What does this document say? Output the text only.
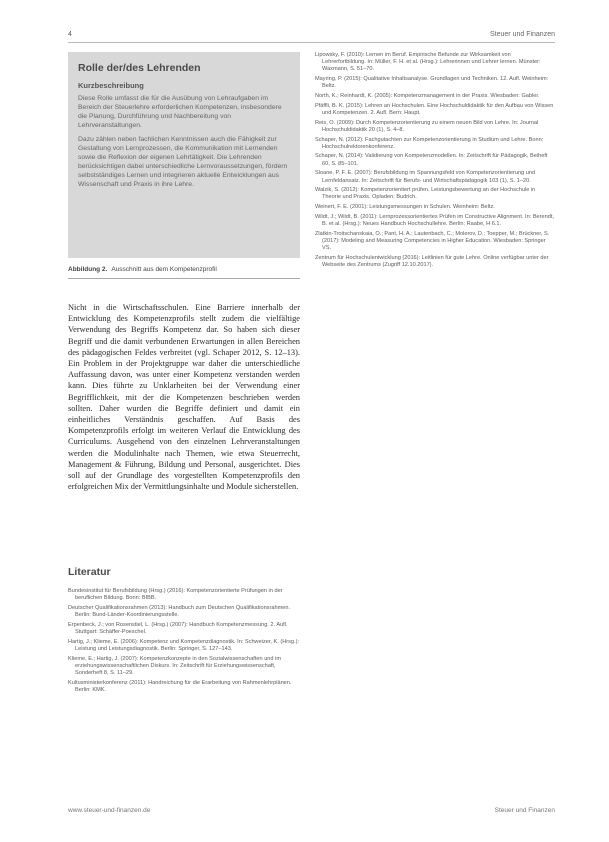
4	Steuer und Finanzen
Rolle der/des Lehrenden
Kurzbeschreibung

Diese Rolle umfasst die für die Ausübung von Lehraufgaben im Bereich der Steuerlehre erforderlichen Kompetenzen, insbesondere die Planung, Durchführung und Nachbereitung von Lehrveranstaltungen.

Dazu zählen neben fachlichen Kenntnissen auch die Fähigkeit zur Gestaltung von Lernprozessen, die Kommunikation mit Lernenden sowie die Reflexion der eigenen Lehrtätigkeit. Die Lehrenden berücksichtigen dabei unterschiedliche Lernvoraussetzungen, fördern selbstständiges Lernen und integrieren aktuelle Entwicklungen aus Wissenschaft und Praxis in ihre Lehre.

Abbildung 2. Ausschnitt aus dem Kompetenzprofil

Nicht in die Wirtschaftsschulen. Eine Barriere innerhalb der Entwicklung des Kompetenzprofils stellt zudem die vielfältige Verwendung des Begriffs Kompetenz dar. So haben sich dieser Begriff und die damit verbundenen Erwartungen in allen Bereichen des pädagogischen Feldes verbreitet (vgl. Schaper 2012, S. 12–13). Ein Problem in der Projektgruppe war daher die unterschiedliche Auffassung davon, was unter einer Kompetenz verstanden werden kann. Dies führte zu Unklarheiten bei der Verwendung einer Begrifflichkeit, mit der die Kompetenzen beschrieben werden sollten. Daher wurden die Begriffe definiert und damit ein einheitliches Verständnis geschaffen. Auf Basis des Kompetenzprofils erfolgt im weiteren Verlauf die Entwicklung des Curriculums. Ausgehend von den einzelnen Lehrveranstaltungen werden die Modulinhalte nach Themen, wie etwa Steuerrecht, Management & Führung, Bildung und Personal, ausgerichtet. Dies soll auf der Grundlage des vorgestellten Kompetenzprofils den erfolgreichen Mix der Vermittlungsinhalte und Module sicherstellen.

Literatur

Bundesinstitut für Berufsbildung (Hrsg.) (2016): Kompetenzorientierte Prüfungen in der beruflichen Bildung. Bonn: BIBB.

Deutscher Qualifikationsrahmen (2013): Handbuch zum Deutschen Qualifikationsrahmen. Berlin: Bund-Länder-Koordinierungsstelle.

Erpenbeck, J.; von Rosenstiel, L. (Hrsg.) (2007): Handbuch Kompetenzmessung. 2. Aufl. Stuttgart: Schäffer-Poeschel.

Hartig, J.; Klieme, E. (2006): Kompetenz und Kompetenzdiagnostik. In: Schweizer, K. (Hrsg.): Leistung und Leistungsdiagnostik. Berlin: Springer, S. 127–143.

Klieme, E.; Hartig, J. (2007): Kompetenzkonzepte in den Sozialwissenschaften und im erziehungswissenschaftlichen Diskurs. In: Zeitschrift für Erziehungswissenschaft, Sonderheft 8, S. 11–29.

Kultusministerkonferenz (2011): Handreichung für die Erarbeitung von Rahmenlehrplänen. Berlin: KMK.

Lipowsky, F. (2010): Lernen im Beruf. Empirische Befunde zur Wirksamkeit von Lehrerfortbildung. In: Müller, F. H. et al. (Hrsg.): Lehrerinnen und Lehrer lernen. Münster: Waxmann, S. 51–70.

Mayring, P. (2015): Qualitative Inhaltsanalyse. Grundlagen und Techniken. 12. Aufl. Weinheim: Beltz.

North, K.; Reinhardt, K. (2005): Kompetenzmanagement in der Praxis. Wiesbaden: Gabler.

Pfäffli, B. K. (2015): Lehren an Hochschulen. Eine Hochschuldidaktik für den Aufbau von Wissen und Kompetenzen. 2. Aufl. Bern: Haupt.

Reis, O. (2009): Durch Kompetenzorientierung zu einem neuen Bild von Lehre. In: Journal Hochschuldidaktik 20 (1), S. 4–8.

Schaper, N. (2012): Fachgutachten zur Kompetenzorientierung in Studium und Lehre. Bonn: Hochschulrektorenkonferenz.

Schaper, N. (2014): Validierung von Kompetenzmodellen. In: Zeitschrift für Pädagogik, Beiheft 60, S. 85–101.

Sloane, P. F. E. (2007): Berufsbildung im Spannungsfeld von Kompetenzorientierung und Lernfeldansatz. In: Zeitschrift für Berufs- und Wirtschaftspädagogik 103 (1), S. 1–20.

Walzik, S. (2012): Kompetenzorientiert prüfen. Leistungsbewertung an der Hochschule in Theorie und Praxis. Opladen: Budrich.

Weinert, F. E. (2001): Leistungsmessungen in Schulen. Weinheim: Beltz.

Wildt, J.; Wildt, B. (2011): Lernprozessorientiertes Prüfen im Constructive Alignment. In: Berendt, B. et al. (Hrsg.): Neues Handbuch Hochschullehre. Berlin: Raabe, H 6.1.

Zlatkin-Troitschanskaia, O.; Pant, H. A.; Lautenbach, C.; Molerov, D.; Toepper, M.; Brückner, S. (2017): Modeling and Measuring Competencies in Higher Education. Wiesbaden: Springer VS.

Zentrum für Hochschulentwicklung (2016): Leitlinien für gute Lehre. Online verfügbar unter der Webseite des Zentrums (Zugriff 12.10.2017).

www.steuer-und-finanzen.de	Steuer und Finanzen
